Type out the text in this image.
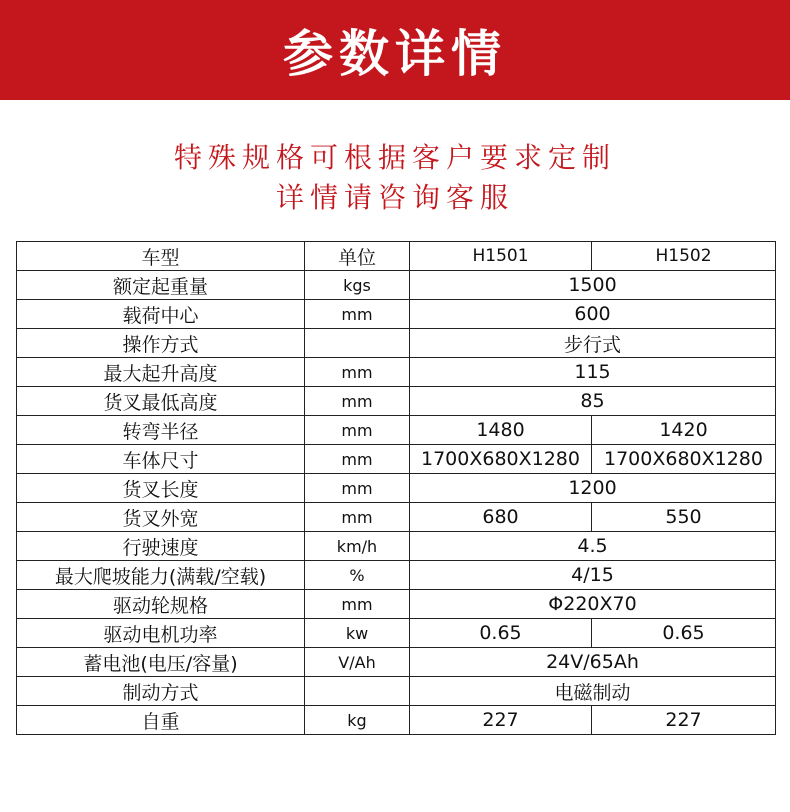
参数详情
特殊规格可根据客户要求定制
详情请咨询客服
车型	单位	H1501	H1502
额定起重量	kgs	1500	
载荷中心	mm	600	
操作方式		步行式	
最大起升高度	mm	115	
货叉最低高度	mm	85	
转弯半径	mm	1480	1420
车体尺寸	mm	1700X680X1280	1700X680X1280
货叉长度	mm	1200	
货叉外宽	mm	680	550
行驶速度	km/h	4.5	
最大爬坡能力(满载/空载)	%	4/15	
驱动轮规格	mm	Φ220X70	
驱动电机功率	kw	0.65	0.65
蓄电池(电压/容量)	V/Ah	24V/65Ah	
制动方式		电磁制动	
自重	kg	227	227
